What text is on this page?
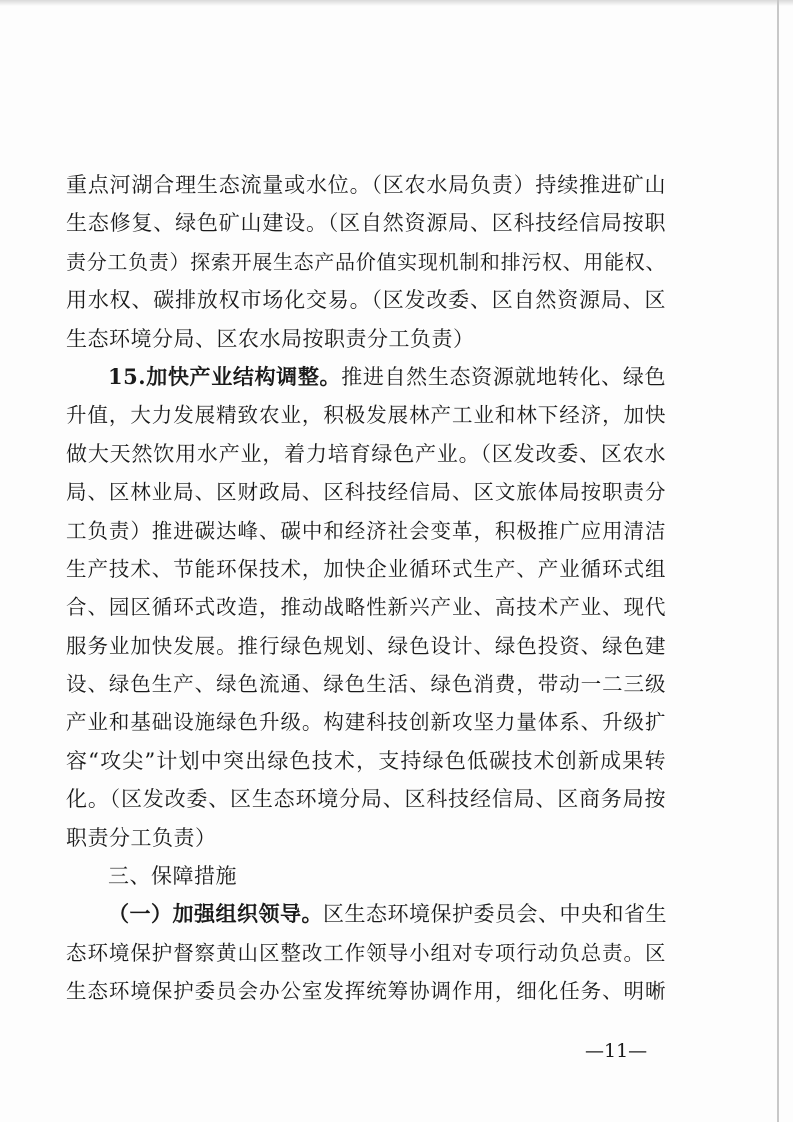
重点河湖合理生态流量或水位。（区农水局负责）持续推进矿山
生态修复、绿色矿山建设。（区自然资源局、区科技经信局按职
责分工负责）探索开展生态产品价值实现机制和排污权、用能权、
用水权、碳排放权市场化交易。（区发改委、区自然资源局、区
生态环境分局、区农水局按职责分工负责）
15.加快产业结构调整。推进自然生态资源就地转化、绿色
升值，大力发展精致农业，积极发展林产工业和林下经济，加快
做大天然饮用水产业，着力培育绿色产业。（区发改委、区农水
局、区林业局、区财政局、区科技经信局、区文旅体局按职责分
工负责）推进碳达峰、碳中和经济社会变革，积极推广应用清洁
生产技术、节能环保技术，加快企业循环式生产、产业循环式组
合、园区循环式改造，推动战略性新兴产业、高技术产业、现代
服务业加快发展。推行绿色规划、绿色设计、绿色投资、绿色建
设、绿色生产、绿色流通、绿色生活、绿色消费，带动一二三级
产业和基础设施绿色升级。构建科技创新攻坚力量体系、升级扩
容“攻尖”计划中突出绿色技术，支持绿色低碳技术创新成果转
化。（区发改委、区生态环境分局、区科技经信局、区商务局按
职责分工负责）
三、保障措施
（一）加强组织领导。区生态环境保护委员会、中央和省生
态环境保护督察黄山区整改工作领导小组对专项行动负总责。区
生态环境保护委员会办公室发挥统筹协调作用，细化任务、明晰
—11—
